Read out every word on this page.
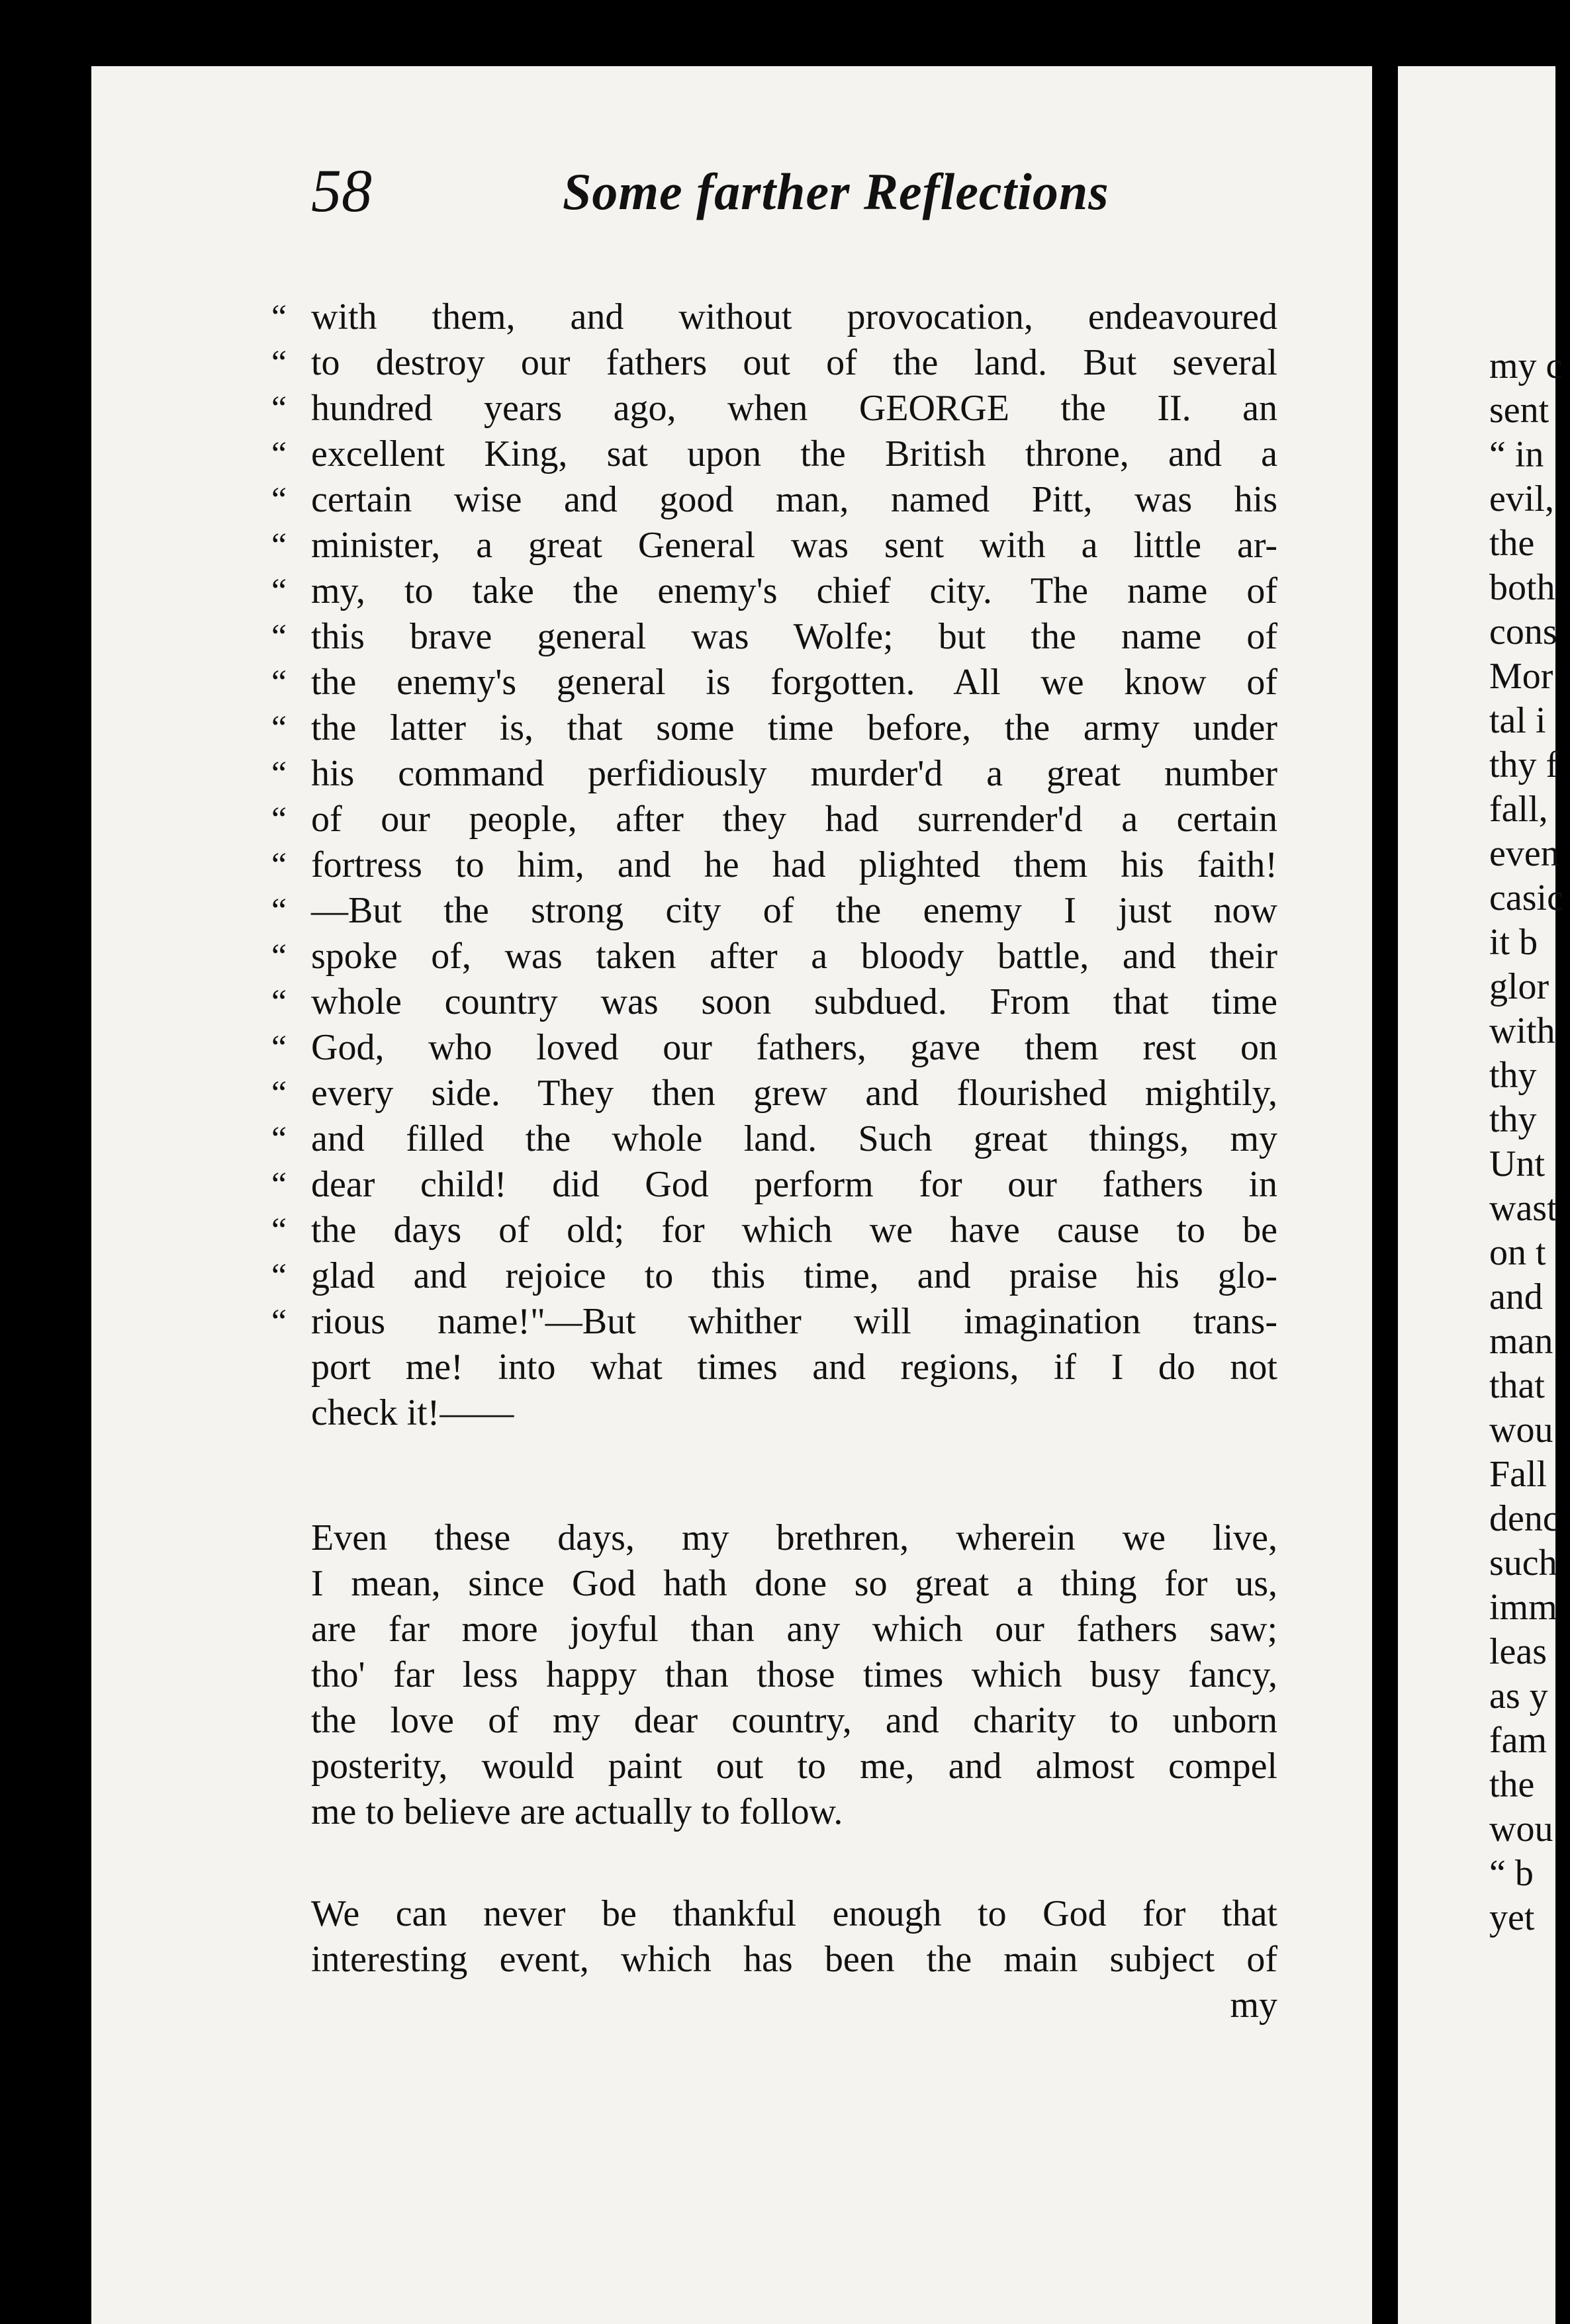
my c
sent
“ in
evil,
the
both
cons
Mor
tal i
thy f
fall,
even
casic
it b
glor
with
thy
thy
Unt
wast
on t
and
man
that
wou
Fall
denc
such
imm
leas
as y
fam
the
wou
“ b
yet
58	Some farther Reflections
“ with them, and without provocation, endeavoured
“ to destroy our fathers out of the land. But several
“ hundred years ago, when GEORGE the II. an
“ excellent King, sat upon the British throne, and a
“ certain wise and good man, named Pitt, was his
“ minister, a great General was sent with a little ar-
“ my, to take the enemy's chief city. The name of
“ this brave general was Wolfe; but the name of
“ the enemy's general is forgotten. All we know of
“ the latter is, that some time before, the army under
“ his command perfidiously murder'd a great number
“ of our people, after they had surrender'd a certain
“ fortress to him, and he had plighted them his faith!
“ —But the strong city of the enemy I just now
“ spoke of, was taken after a bloody battle, and their
“ whole country was soon subdued. From that time
“ God, who loved our fathers, gave them rest on
“ every side. They then grew and flourished mightily,
“ and filled the whole land. Such great things, my
“ dear child! did God perform for our fathers in
“ the days of old; for which we have cause to be
“ glad and rejoice to this time, and praise his glo-
“ rious name!"—But whither will imagination trans-
port me! into what times and regions, if I do not
check it!——
Even these days, my brethren, wherein we live,
I mean, since God hath done so great a thing for us,
are far more joyful than any which our fathers saw;
tho' far less happy than those times which busy fancy,
the love of my dear country, and charity to unborn
posterity, would paint out to me, and almost compel
me to believe are actually to follow.
We can never be thankful enough to God for that
interesting event, which has been the main subject of
my
